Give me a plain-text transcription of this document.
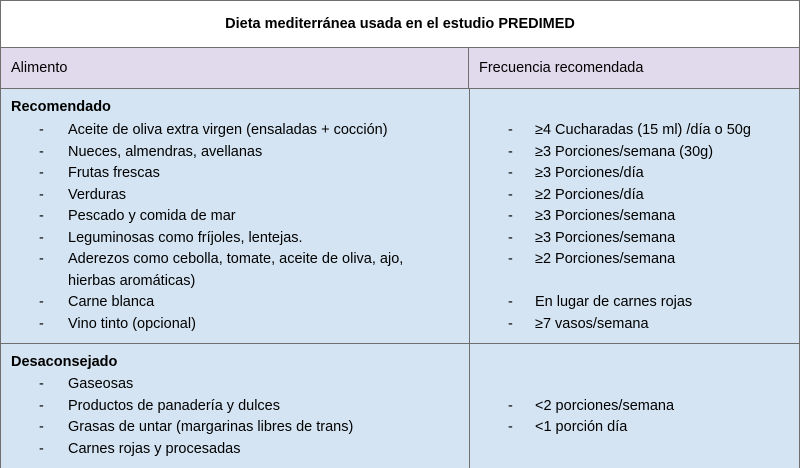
Dieta mediterránea usada en el estudio PREDIMED
Alimento	Frecuencia recomendada
Recomendado
- Aceite de oliva extra virgen (ensaladas + cocción)
- Nueces, almendras, avellanas
- Frutas frescas
- Verduras
- Pescado y comida de mar
- Leguminosas como fríjoles, lentejas.
- Aderezos como cebolla, tomate, aceite de oliva, ajo,
hierbas aromáticas)
- Carne blanca
- Vino tinto (opcional)
- ≥4 Cucharadas (15 ml) /día o 50g
- ≥3 Porciones/semana (30g)
- ≥3 Porciones/día
- ≥2 Porciones/día
- ≥3 Porciones/semana
- ≥3 Porciones/semana
- ≥2 Porciones/semana
- En lugar de carnes rojas
- ≥7 vasos/semana
Desaconsejado
- Gaseosas
- Productos de panadería y dulces
- Grasas de untar (margarinas libres de trans)
- Carnes rojas y procesadas
- <2 porciones/semana
- <1 porción día
